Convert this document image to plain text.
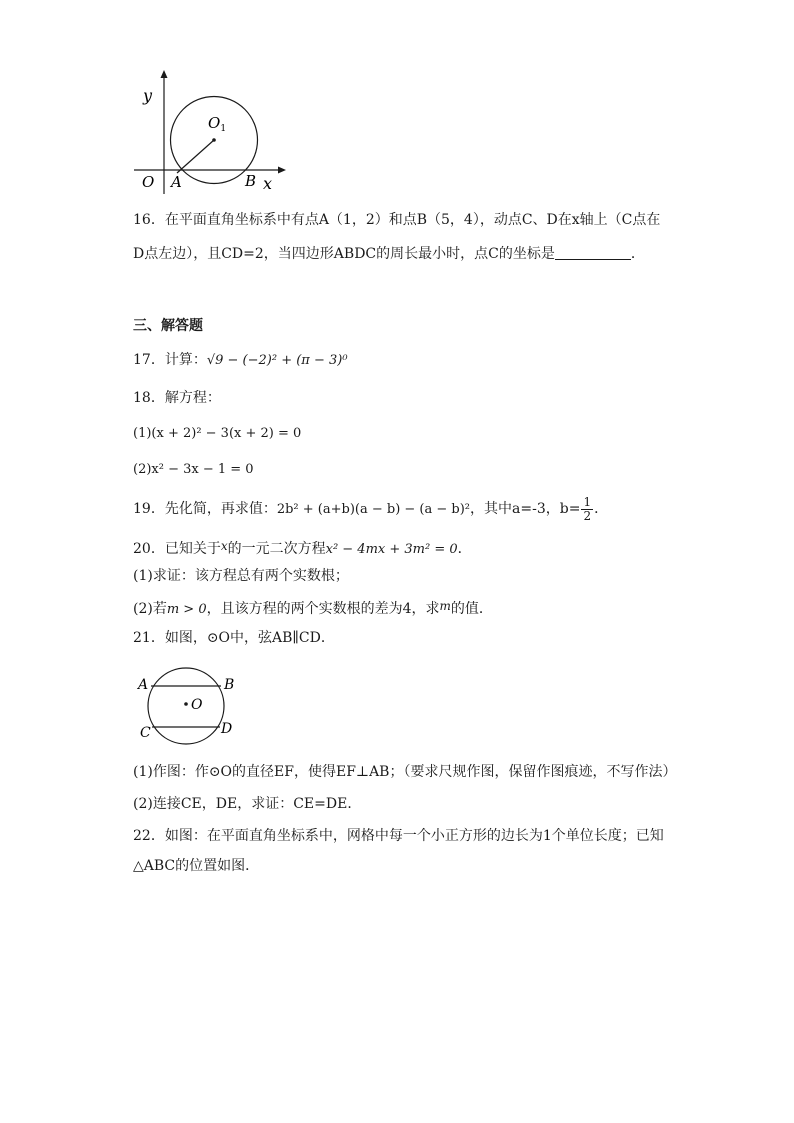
y
x
O A	B
$O_1$
16．在平面直角坐标系中有点A（1，2）和点B（5，4），动点C、D在x轴上（C点在
D点左边），且CD=2，当四边形ABDC的周长最小时，点C的坐标是	．
三、解答题
17．计算：√9 − (−2)² + (π − 3)⁰
18．解方程：
(1)(x + 2)² − 3(x + 2) = 0
(2)x² − 3x − 1 = 0
19．先化简，再求值：2b² + (a+b)(a − b) − (a − b)²，其中a=-3，$b= \frac{1}{2}$ ．
20．已知关于x的一元二次方程x² − 4mx + 3m² = 0．
(1)求证：该方程总有两个实数根；
(2)若m > 0，且该方程的两个实数根的差为4，求m的值．
21．如图，⊙O中，弦AB∥CD．
A	B
C	D
O
(1)作图：作⊙O的直径EF，使得EF⊥AB；（要求尺规作图，保留作图痕迹，不写作法）
(2)连接CE，DE，求证：CE=DE．
22．如图：在平面直角坐标系中，网格中每一个小正方形的边长为1个单位长度；已知
△ABC的位置如图．
